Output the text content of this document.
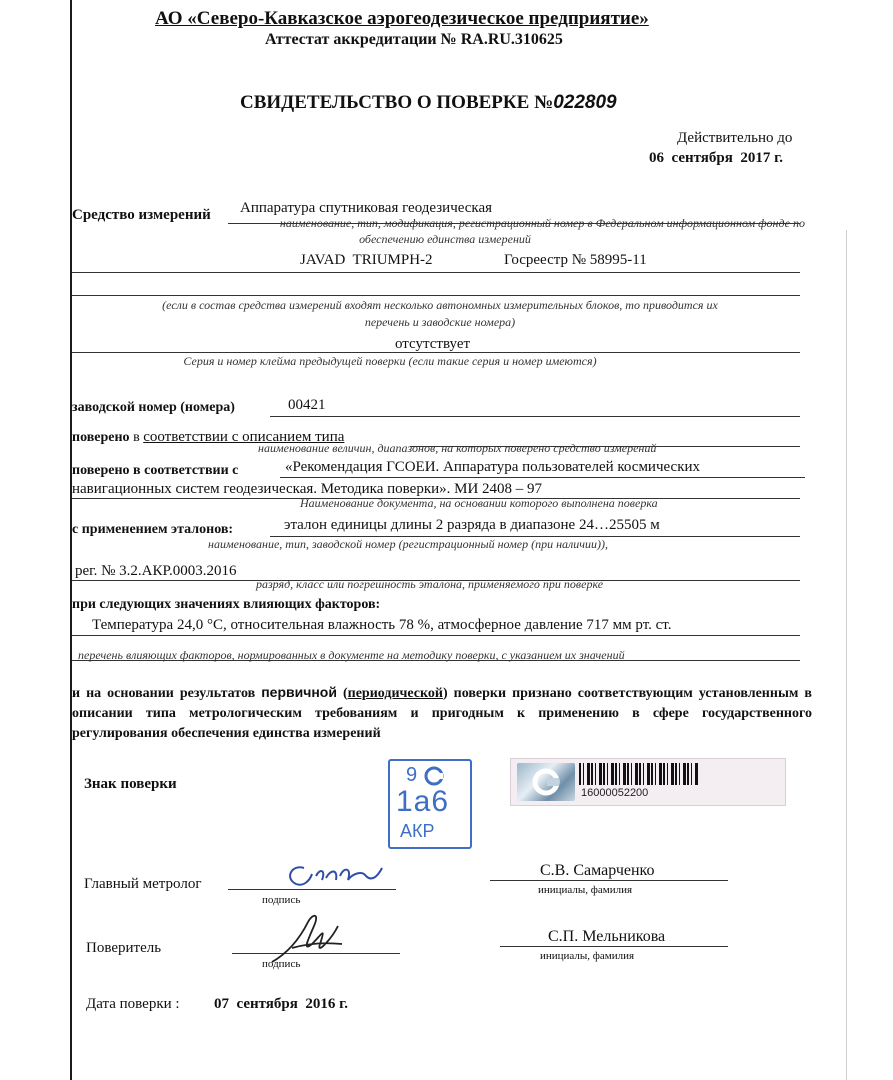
АО «Северо-Кавказское аэрогеодезическое предприятие»
Аттестат аккредитации № RA.RU.310625
СВИДЕТЕЛЬСТВО О ПОВЕРКЕ №022809
Действительно до
06  сентября  2017 г.
Средство измерений Аппаратура спутниковая геодезическая
наименование, тип, модификация, регистрационный номер в Федеральном информационном фонде по
обеспечению единства измерений
JAVAD  TRIUMPH-2	Госреестр № 58995-11
(если в состав средства измерений входят несколько автономных измерительных блоков, то приводится их
перечень и заводские номера)
отсутствует
Серия и номер клейма предыдущей поверки (если такие серия и номер имеются)
заводской номер (номера)	00421
поверено в соответствии с описанием типа
наименование величин, диапазонов, на которых поверено средство измерений
поверено в соответствии с	«Рекомендация ГСОЕИ. Аппаратура пользователей космических
навигационных систем геодезическая. Методика поверки». МИ 2408 – 97
Наименование документа, на основании которого выполнена поверка
с применением эталонов:	эталон единицы длины 2 разряда в диапазоне 24…25505 м
наименование, тип, заводской номер (регистрационный номер (при наличии)),
рег. № 3.2.АКР.0003.2016
разряд, класс или погрешность эталона, применяемого при поверке
при следующих значениях влияющих факторов:
Температура 24,0 °С, относительная влажность 78 %, атмосферное давление 717 мм рт. ст.
перечень влияющих факторов, нормированных в документе на методику поверки, с указанием их значений
и на основании результатов первичной (периодической) поверки признано соответствующим установленным в описании типа метрологическим требованиям и пригодным к применению в сфере государственного регулирования обеспечения единства измерений
Знак поверки	9
1а6
АКР
16000052200
Главный метролог
подпись
С.В. Самарченко
инициалы, фамилия
Поверитель
подпись
С.П. Мельникова
инициалы, фамилия
Дата поверки : 07  сентября  2016 г.
